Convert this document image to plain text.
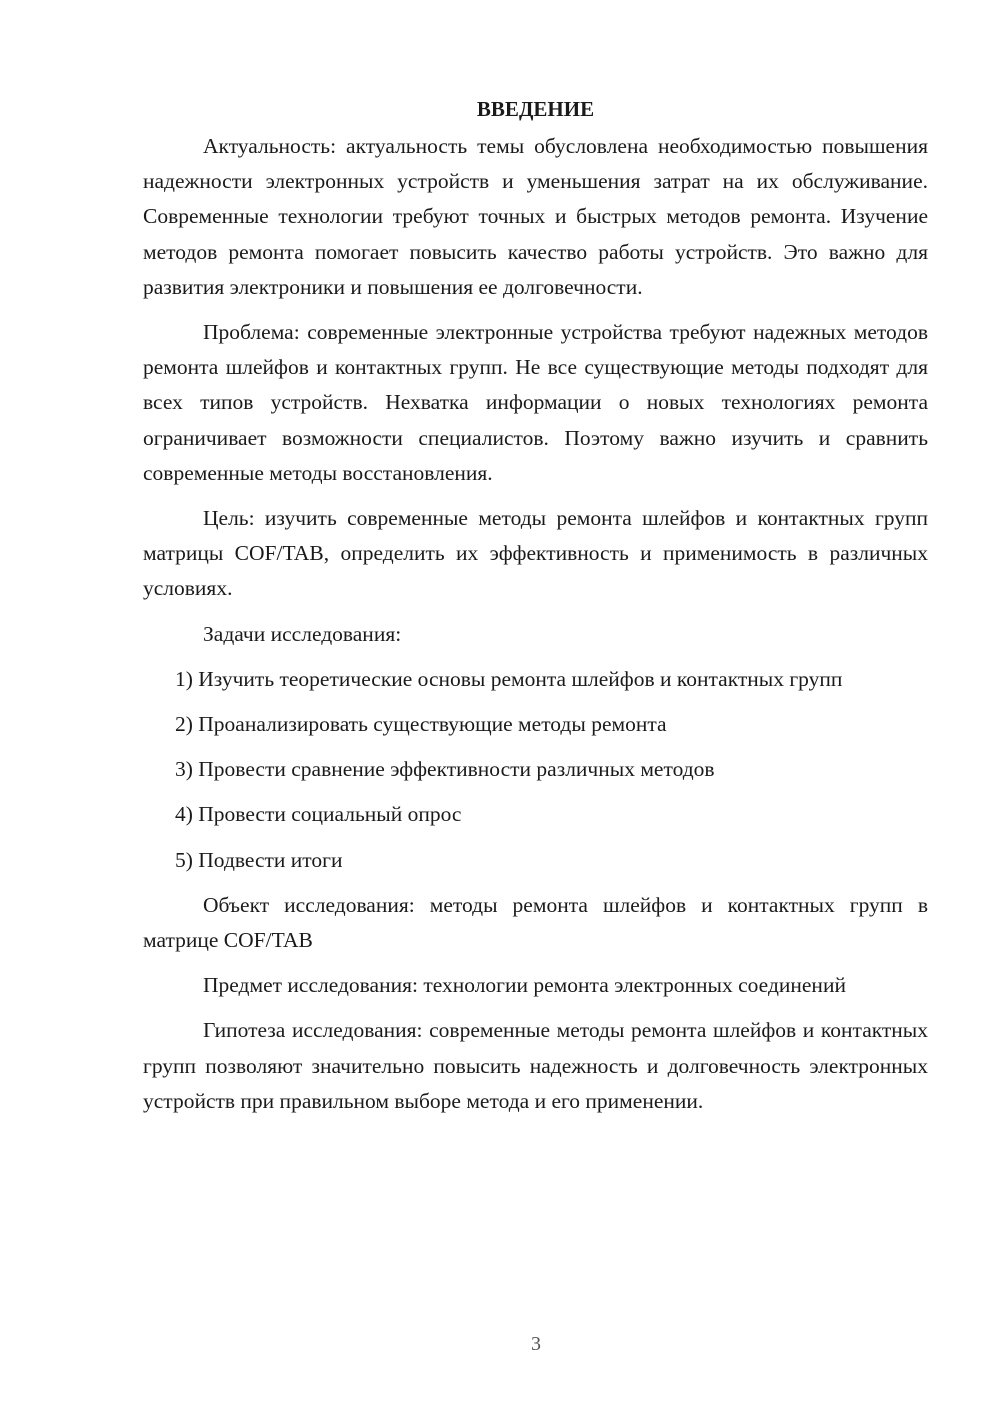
ВВЕДЕНИЕ

Актуальность: актуальность темы обусловлена необходимостью повышения надежности электронных устройств и уменьшения затрат на их обслуживание. Современные технологии требуют точных и быстрых методов ремонта. Изучение методов ремонта помогает повысить качество работы устройств. Это важно для развития электроники и повышения ее долговечности.

Проблема: современные электронные устройства требуют надежных методов ремонта шлейфов и контактных групп. Не все существующие методы подходят для всех типов устройств. Нехватка информации о новых технологиях ремонта ограничивает возможности специалистов. Поэтому важно изучить и сравнить современные методы восстановления.

Цель: изучить современные методы ремонта шлейфов и контактных групп матрицы COF/TAB, определить их эффективность и применимость в различных условиях.

Задачи исследования:

1) Изучить теоретические основы ремонта шлейфов и контактных групп

2) Проанализировать существующие методы ремонта

3) Провести сравнение эффективности различных методов

4) Провести социальный опрос

5) Подвести итоги

Объект исследования: методы ремонта шлейфов и контактных групп в матрице COF/TAB

Предмет исследования: технологии ремонта электронных соединений

Гипотеза исследования: современные методы ремонта шлейфов и контактных групп позволяют значительно повысить надежность и долговечность электронных устройств при правильном выборе метода и его применении.

3
